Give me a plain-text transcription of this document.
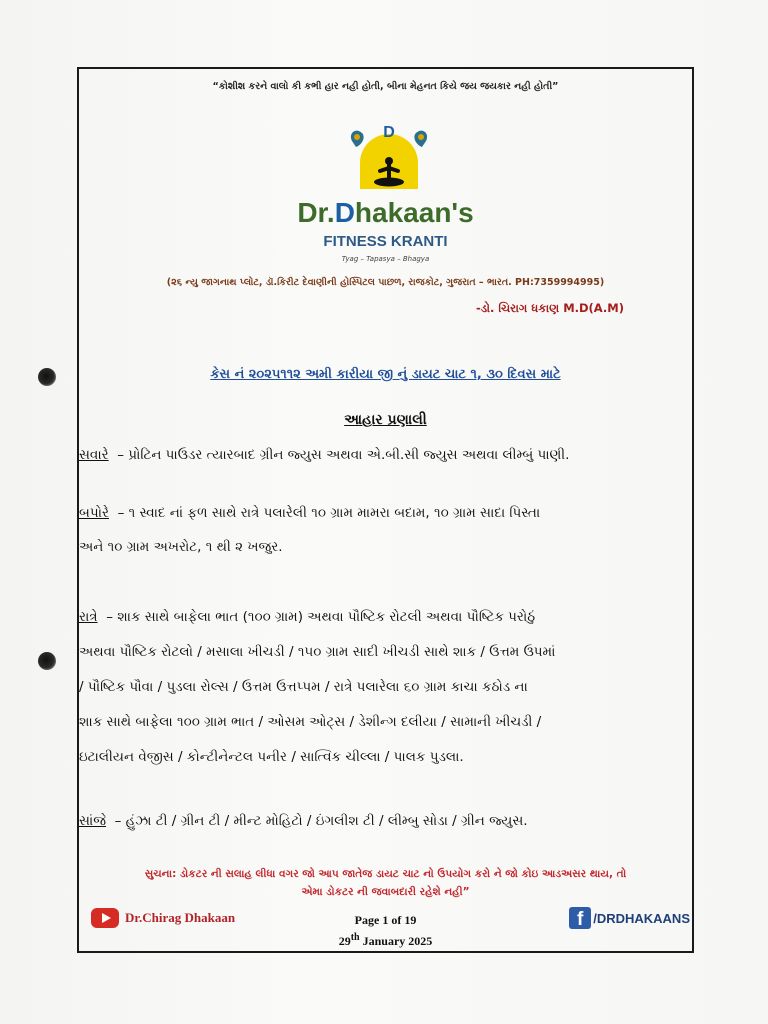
“કોશીશ કરને વાલો કી કભી હાર નહી હોતી, બીના મેહનત કિયે જય જયકાર નહી હોતી”
D
Dr.Dhakaan's
FITNESS KRANTI
Tyag – Tapasya – Bhagya
(૨૬ ન્યુ જાગનાથ પ્લોટ, ડૉ.કિરીટ દેવાણીની હોસ્પિટલ પાછળ, રાજકોટ, ગુજરાત – ભારત. PH:7359994995)
-ડો. ચિરાગ ધકાણ M.D(A.M)
કેસ નં ૨૦૨૫૧૧૨ અમી કારીયા જી નું ડાયટ ચાટ ૧, ૩૦ દિવસ માટે
આહાર પ્રણાલી
સવારે – પ્રોટિન પાઉડર ત્યારબાદ ગ્રીન જ્યુસ અથવા એ.બી.સી જ્યુસ અથવા લીમ્બું પાણી.
બપોરે – ૧ સ્વાદ નાં ફળ સાથે રાત્રે પલારેલી ૧૦ ગ્રામ મામરા બદામ, ૧૦ ગ્રામ સાદા પિસ્તા
અને ૧૦ ગ્રામ અખરોટ, ૧ થી ૨ ખજુર.
રાત્રે – શાક સાથે બાફેલા ભાત (૧૦૦ ગ્રામ) અથવા પૌષ્ટિક રોટલી અથવા પૌષ્ટિક પરોઠું
અથવા પૌષ્ટિક રોટલો / મસાલા ખીચડી / ૧૫૦ ગ્રામ સાદી ખીચડી સાથે શાક / ઉત્તમ ઉપમાં
/ પૌષ્ટિક પૌવા / પુડલા રોલ્સ / ઉત્તમ ઉત્તપ્પમ / રાત્રે પલારેલા ૬૦ ગ્રામ કાચા કઠોડ ના
શાક સાથે બાફેલા ૧૦૦ ગ્રામ ભાત / ઓસમ ઓટ્સ / ડેશીન્ગ દલીયા / સામાની ખીચડી /
ઇટાલીયન વેજીસ / કોન્ટીનેન્ટલ પનીર / સાત્વિક ચીલ્લા / પાલક પુડલા.
સાંજે – હુંઝા ટી / ગ્રીન ટી / મીન્ટ મોહિટો / ઇંગલીશ ટી / લીમ્બુ સોડા / ગ્રીન જ્યુસ.
સુચના: ડોકટર ની સલાહ લીધા વગર જો આપ જાતેજ ડાયટ ચાટ નો ઉપયોગ કરો ને જો કોઇ આડઅસર થાય, તો
એમા ડોકટર ની જવાબદારી રહેશે નહી”
Dr.Chirag Dhakaan	Page 1 of 19
29th January 2025
f /DRDHAKAANS
